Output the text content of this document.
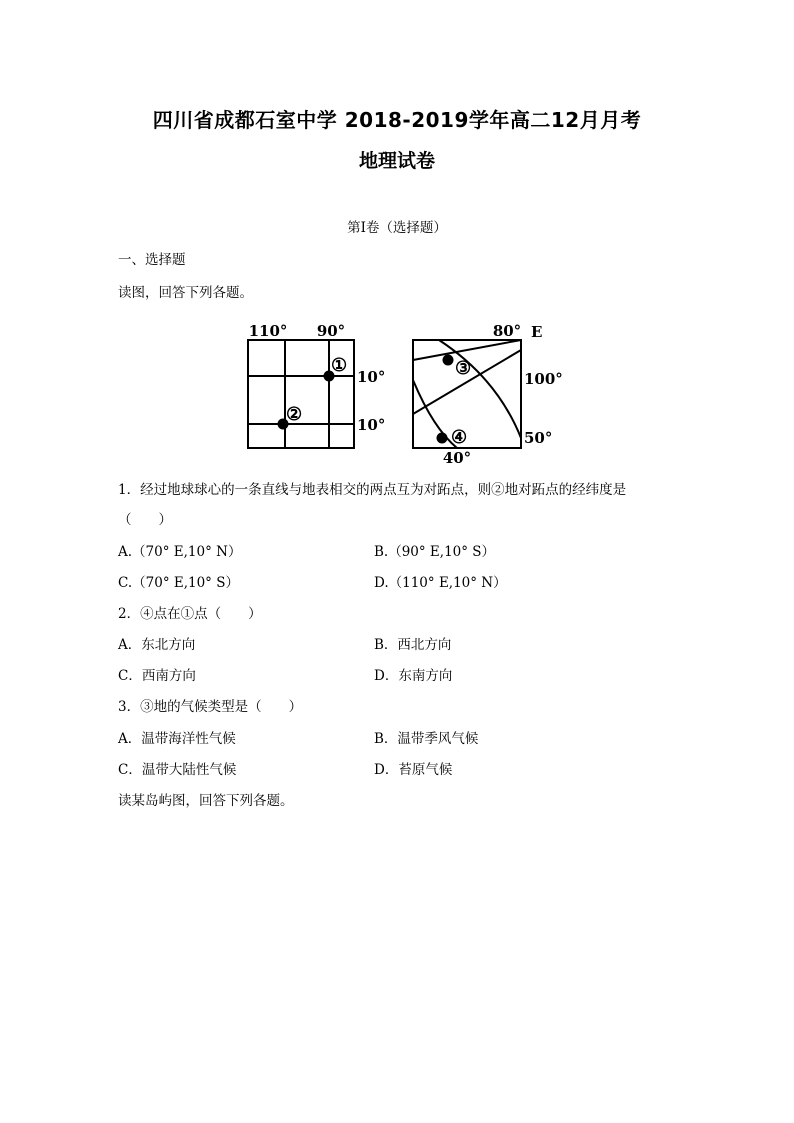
四川省成都石室中学 2018-2019学年高二12月月考
地理试卷
第I卷（选择题）
一、选择题
读图，回答下列各题。
110° 90°
10°
10°
①
②
80° E
100°
50°
40°
③
④
1．经过地球球心的一条直线与地表相交的两点互为对跖点，则②地对跖点的经纬度是
（　　）
A.（70° E,10° N）	B.（90° E,10° S）
C.（70° E,10° S）	D.（110° E,10° N）
2．④点在①点（　　）
A．东北方向	B．西北方向
C．西南方向	D．东南方向
3．③地的气候类型是（　　）
A．温带海洋性气候	B．温带季风气候
C．温带大陆性气候	D．苔原气候
读某岛屿图，回答下列各题。
